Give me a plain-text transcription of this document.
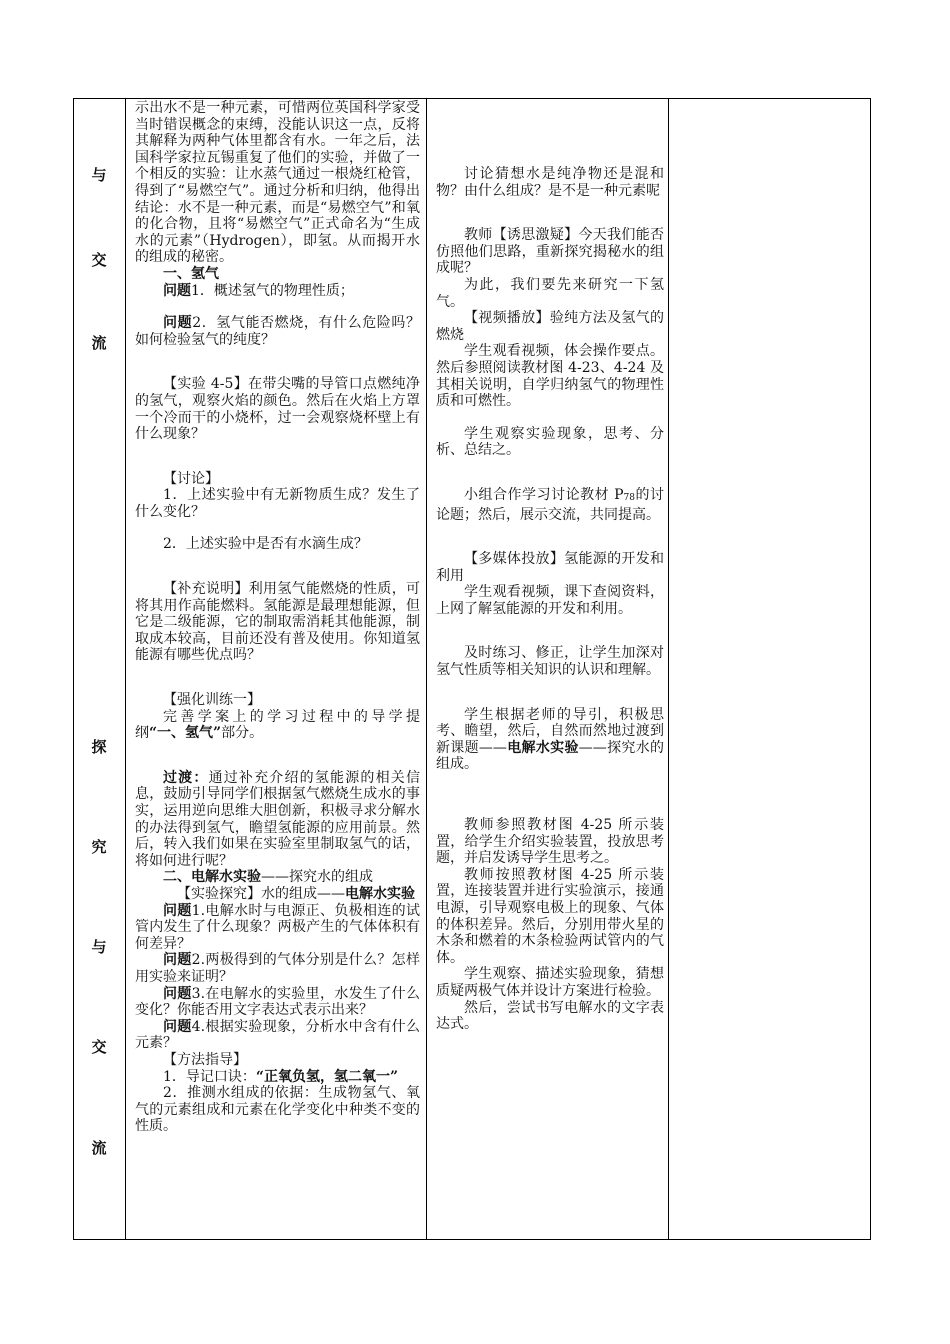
与
交
流
探
究
与
交
流

示出水不是一种元素，可惜两位英国科学家受当时错误概念的束缚，没能认识这一点，反将其解释为两种气体里都含有水。一年之后，法国科学家拉瓦锡重复了他们的实验，并做了一个相反的实验：让水蒸气通过一根烧红枪管，得到了“易燃空气”。通过分析和归纳，他得出结论：水不是一种元素，而是“易燃空气”和氧的化合物，且将“易燃空气”正式命名为“生成水的元素”（Hydrogen），即氢。从而揭开水的组成的秘密。

一、氢气

问题1．概述氢气的物理性质；

问题2．氢气能否燃烧，有什么危险吗？如何检验氢气的纯度？

【实验 4-5】在带尖嘴的导管口点燃纯净的氢气，观察火焰的颜色。然后在火焰上方罩一个冷而干的小烧杯，过一会观察烧杯壁上有什么现象？

【讨论】

1．上述实验中有无新物质生成？发生了什么变化？

2．上述实验中是否有水滴生成？

【补充说明】利用氢气能燃烧的性质，可将其用作高能燃料。氢能源是最理想能源，但它是二级能源，它的制取需消耗其他能源，制取成本较高，目前还没有普及使用。你知道氢能源有哪些优点吗？

【强化训练一】

完善学案上的学习过程中的导学提纲“一、氢气”部分。

过渡：通过补充介绍的氢能源的相关信息，鼓励引导同学们根据氢气燃烧生成水的事实，运用逆向思维大胆创新，积极寻求分解水的办法得到氢气，瞻望氢能源的应用前景。然后，转入我们如果在实验室里制取氢气的话，将如何进行呢？

二、电解水实验——探究水的组成

【实验探究】水的组成——电解水实验

问题1.电解水时与电源正、负极相连的试管内发生了什么现象？两极产生的气体体积有何差异？

问题2.两极得到的气体分别是什么？怎样用实验来证明？

问题3.在电解水的实验里，水发生了什么变化？你能否用文字表达式表示出来？

问题4.根据实验现象，分析水中含有什么元素？

【方法指导】

1．导记口诀：“正氧负氢，氢二氧一”

2．推测水组成的依据：生成物氢气、氧气的元素组成和元素在化学变化中种类不变的性质。

讨论猜想水是纯净物还是混和物？由什么组成？是不是一种元素呢

教师【诱思激疑】今天我们能否仿照他们思路，重新探究揭秘水的组成呢？

为此，我们要先来研究一下氢气。

【视频播放】验纯方法及氢气的燃烧

学生观看视频，体会操作要点。然后参照阅读教材图 4-23、4-24 及其相关说明，自学归纳氢气的物理性质和可燃性。

学生观察实验现象，思考、分析、总结之。

小组合作学习讨论教材 $P_{78}$的讨论题；然后，展示交流，共同提高。

【多媒体投放】氢能源的开发和利用

学生观看视频，课下查阅资料，上网了解氢能源的开发和利用。

及时练习、修正，让学生加深对氢气性质等相关知识的认识和理解。

学生根据老师的导引，积极思考、瞻望，然后，自然而然地过渡到新课题——电解水实验——探究水的组成。

教师参照教材图 4-25 所示装置，给学生介绍实验装置，投放思考题，并启发诱导学生思考之。

教师按照教材图 4-25 所示装置，连接装置并进行实验演示，接通电源，引导观察电极上的现象、气体的体积差异。然后，分别用带火星的木条和燃着的木条检验两试管内的气体。

学生观察、描述实验现象，猜想质疑两极气体并设计方案进行检验。

然后，尝试书写电解水的文字表达式。
